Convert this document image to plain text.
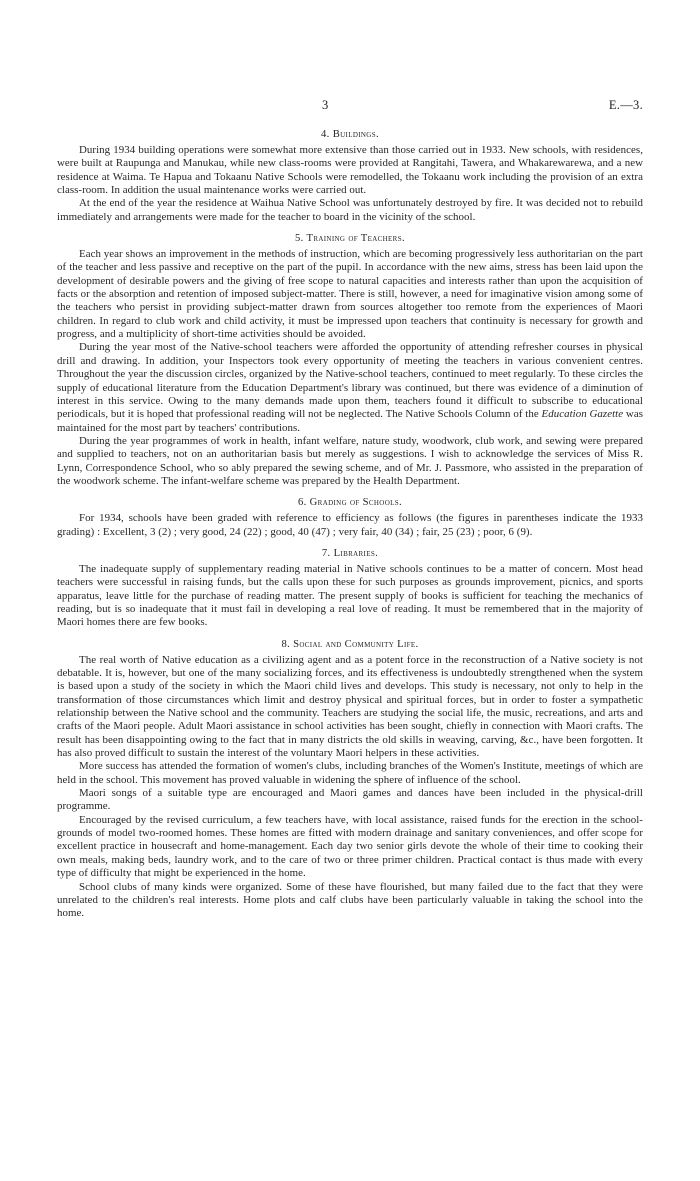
3	E.—3.
4. Buildings.

During 1934 building operations were somewhat more extensive than those carried out in 1933. New schools, with residences, were built at Raupunga and Manukau, while new class-rooms were provided at Rangitahi, Tawera, and Whakarewarewa, and a new residence at Waima. Te Hapua and Tokaanu Native Schools were remodelled, the Tokaanu work including the provision of an extra class-room. In addition the usual maintenance works were carried out.

At the end of the year the residence at Waihua Native School was unfortunately destroyed by fire. It was decided not to rebuild immediately and arrangements were made for the teacher to board in the vicinity of the school.

5. Training of Teachers.

Each year shows an improvement in the methods of instruction, which are becoming progressively less authoritarian on the part of the teacher and less passive and receptive on the part of the pupil. In accordance with the new aims, stress has been laid upon the development of desirable powers and the giving of free scope to natural capacities and interests rather than upon the acquisition of facts or the absorption and retention of imposed subject-matter. There is still, however, a need for imaginative vision among some of the teachers who persist in providing subject-matter drawn from sources altogether too remote from the experiences of Maori children. In regard to club work and child activity, it must be impressed upon teachers that continuity is necessary for growth and progress, and a multiplicity of short-time activities should be avoided.

During the year most of the Native-school teachers were afforded the opportunity of attending refresher courses in physical drill and drawing. In addition, your Inspectors took every opportunity of meeting the teachers in various convenient centres. Throughout the year the discussion circles, organized by the Native-school teachers, continued to meet regularly. To these circles the supply of educational literature from the Education Department's library was continued, but there was evidence of a diminution of interest in this service. Owing to the many demands made upon them, teachers found it difficult to subscribe to educational periodicals, but it is hoped that professional reading will not be neglected. The Native Schools Column of the Education Gazette was maintained for the most part by teachers' contributions.

During the year programmes of work in health, infant welfare, nature study, woodwork, club work, and sewing were prepared and supplied to teachers, not on an authoritarian basis but merely as suggestions. I wish to acknowledge the services of Miss R. Lynn, Correspondence School, who so ably prepared the sewing scheme, and of Mr. J. Passmore, who assisted in the preparation of the woodwork scheme. The infant-welfare scheme was prepared by the Health Department.

6. Grading of Schools.

For 1934, schools have been graded with reference to efficiency as follows (the figures in parentheses indicate the 1933 grading) : Excellent, 3 (2) ; very good, 24 (22) ; good, 40 (47) ; very fair, 40 (34) ; fair, 25 (23) ; poor, 6 (9).

7. Libraries.

The inadequate supply of supplementary reading material in Native schools continues to be a matter of concern. Most head teachers were successful in raising funds, but the calls upon these for such purposes as grounds improvement, picnics, and sports apparatus, leave little for the purchase of reading matter. The present supply of books is sufficient for teaching the mechanics of reading, but is so inadequate that it must fail in developing a real love of reading. It must be remembered that in the majority of Maori homes there are few books.

8. Social and Community Life.

The real worth of Native education as a civilizing agent and as a potent force in the reconstruction of a Native society is not debatable. It is, however, but one of the many socializing forces, and its effectiveness is undoubtedly strengthened when the system is based upon a study of the society in which the Maori child lives and develops. This study is necessary, not only to help in the transformation of those circumstances which limit and destroy physical and spiritual forces, but in order to foster a sympathetic relationship between the Native school and the community. Teachers are studying the social life, the music, recreations, and arts and crafts of the Maori people. Adult Maori assistance in school activities has been sought, chiefly in connection with Maori crafts. The result has been disappointing owing to the fact that in many districts the old skills in weaving, carving, &c., have been forgotten. It has also proved difficult to sustain the interest of the voluntary Maori helpers in these activities.

More success has attended the formation of women's clubs, including branches of the Women's Institute, meetings of which are held in the school. This movement has proved valuable in widening the sphere of influence of the school.

Maori songs of a suitable type are encouraged and Maori games and dances have been included in the physical-drill programme.

Encouraged by the revised curriculum, a few teachers have, with local assistance, raised funds for the erection in the school-grounds of model two-roomed homes. These homes are fitted with modern drainage and sanitary conveniences, and offer scope for excellent practice in housecraft and home-management. Each day two senior girls devote the whole of their time to cooking their own meals, making beds, laundry work, and to the care of two or three primer children. Practical contact is thus made with every type of difficulty that might be experienced in the home.

School clubs of many kinds were organized. Some of these have flourished, but many failed due to the fact that they were unrelated to the children's real interests. Home plots and calf clubs have been particularly valuable in taking the school into the home.
